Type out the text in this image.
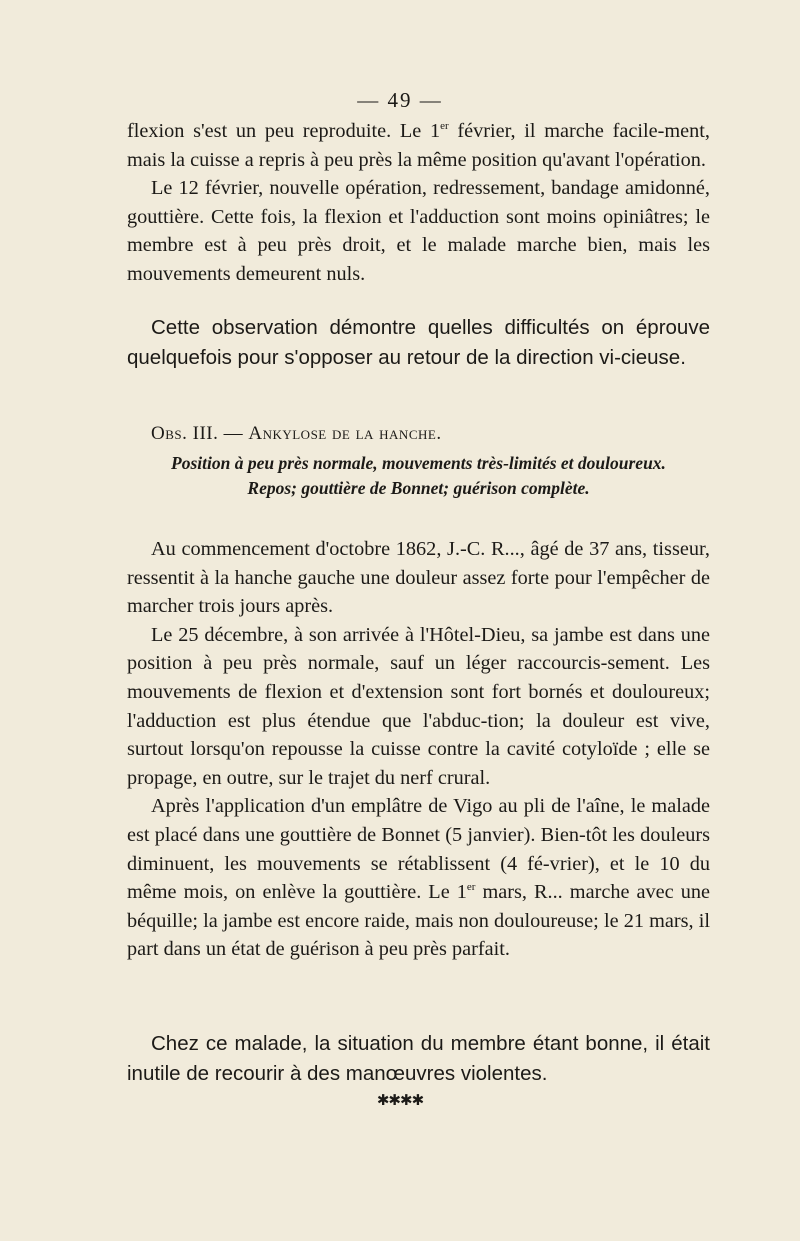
— 49 —

flexion s'est un peu reproduite. Le 1er février, il marche facile-ment, mais la cuisse a repris à peu près la même position qu'avant l'opération.

Le 12 février, nouvelle opération, redressement, bandage amidonné, gouttière. Cette fois, la flexion et l'adduction sont moins opiniâtres; le membre est à peu près droit, et le malade marche bien, mais les mouvements demeurent nuls.

Cette observation démontre quelles difficultés on éprouve quelquefois pour s'opposer au retour de la direction vi-cieuse.

Obs. III. — Ankylose de la hanche.
Position à peu près normale, mouvements très-limités et douloureux.
Repos; gouttière de Bonnet; guérison complète.

Au commencement d'octobre 1862, J.-C. R..., âgé de 37 ans, tisseur, ressentit à la hanche gauche une douleur assez forte pour l'empêcher de marcher trois jours après.

Le 25 décembre, à son arrivée à l'Hôtel-Dieu, sa jambe est dans une position à peu près normale, sauf un léger raccourcis-sement. Les mouvements de flexion et d'extension sont fort bornés et douloureux; l'adduction est plus étendue que l'abduc-tion; la douleur est vive, surtout lorsqu'on repousse la cuisse contre la cavité cotyloïde ; elle se propage, en outre, sur le trajet du nerf crural.

Après l'application d'un emplâtre de Vigo au pli de l'aîne, le malade est placé dans une gouttière de Bonnet (5 janvier). Bien-tôt les douleurs diminuent, les mouvements se rétablissent (4 fé-vrier), et le 10 du même mois, on enlève la gouttière. Le 1er mars, R... marche avec une béquille; la jambe est encore raide, mais non douloureuse; le 21 mars, il part dans un état de guérison à peu près parfait.

Chez ce malade, la situation du membre étant bonne, il était inutile de recourir à des manœuvres violentes.

✱✱✱✱
